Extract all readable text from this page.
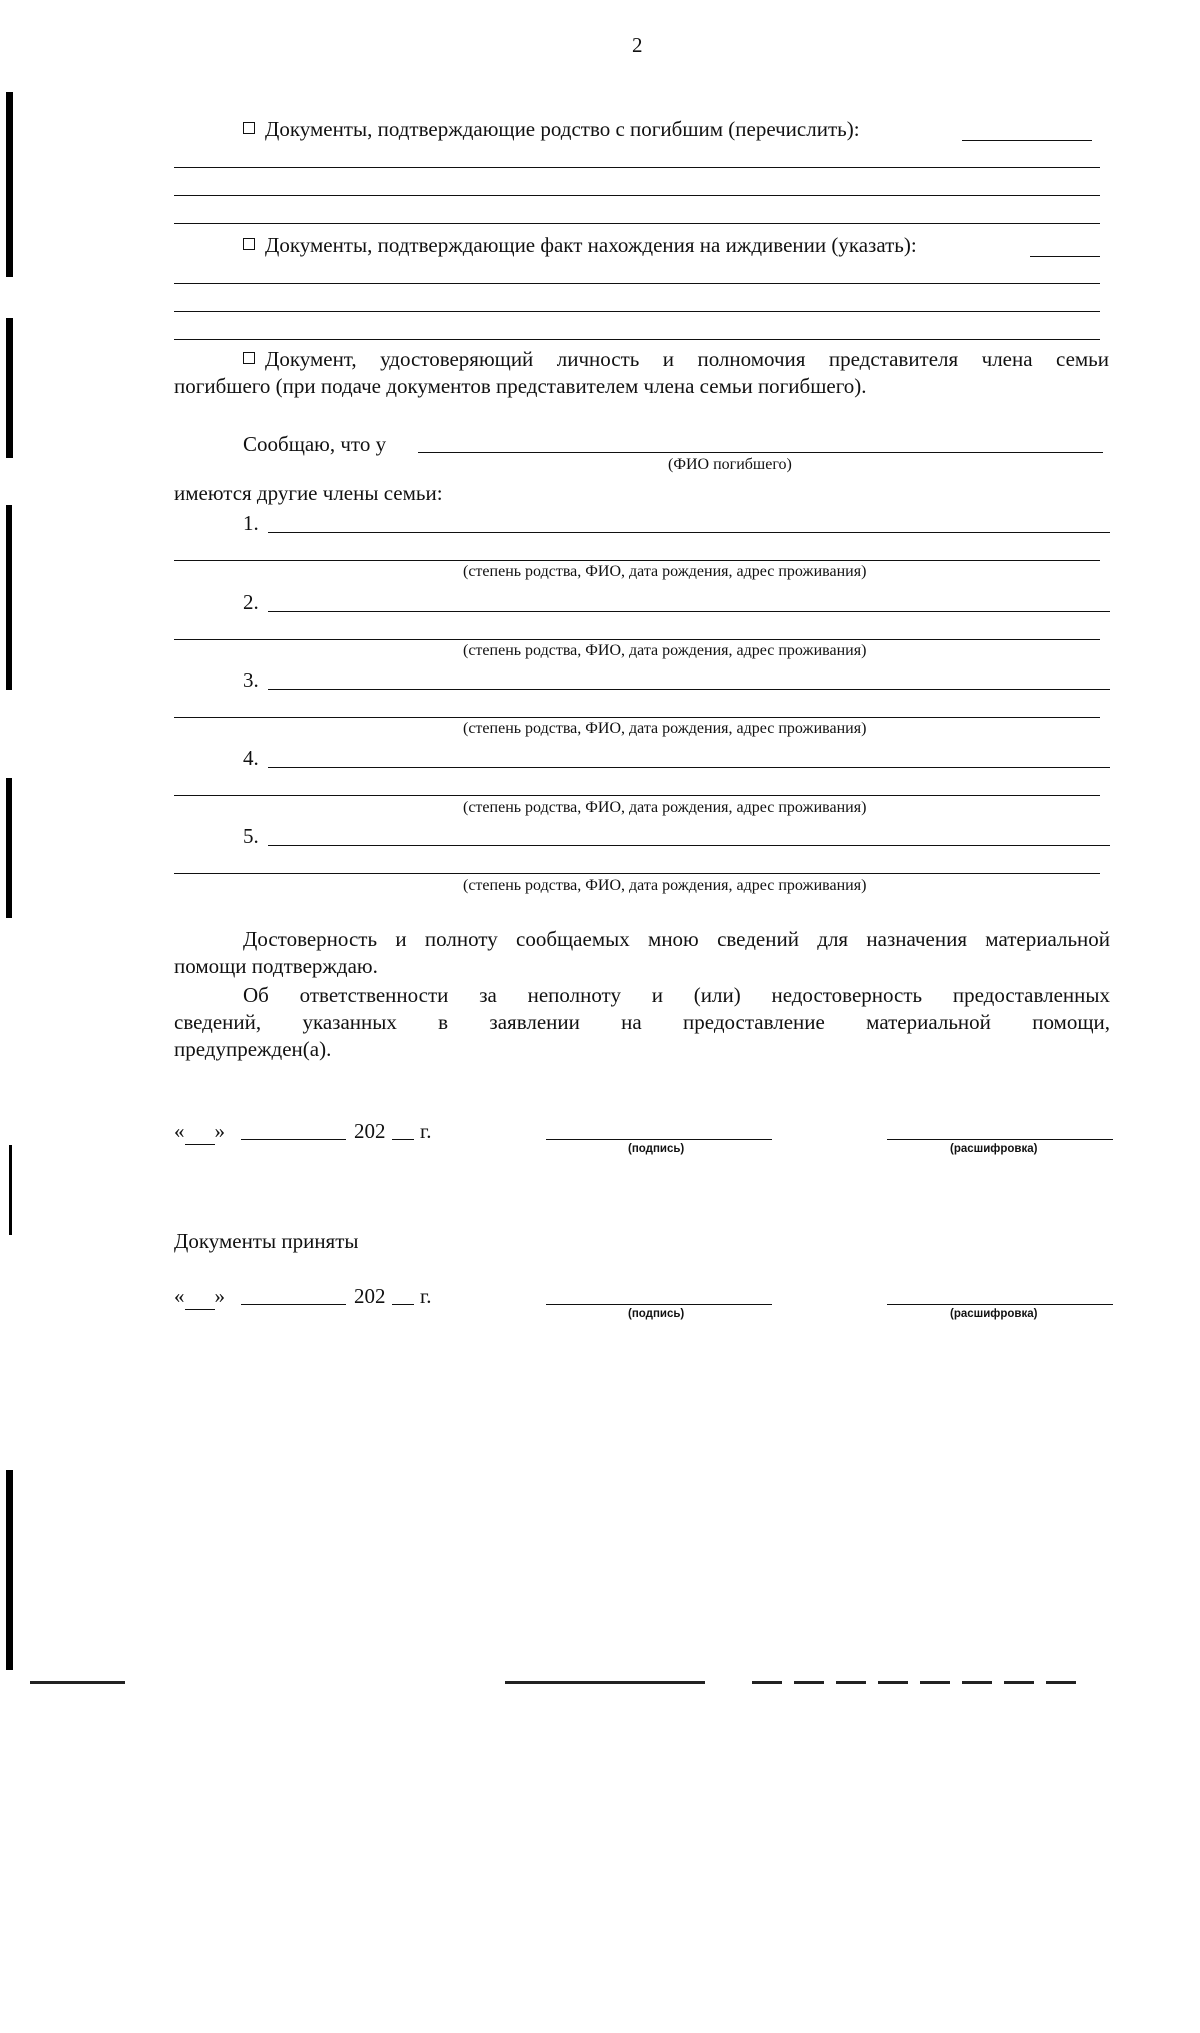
2
Документы, подтверждающие родство с погибшим (перечислить):
Документы, подтверждающие факт нахождения на иждивении (указать):
Документ, удостоверяющий личность и полномочия представителя члена семьи
погибшего (при подаче документов представителем члена семьи погибшего).
Сообщаю, что у
(ФИО погибшего)
имеются другие члены семьи:
1.
(степень родства, ФИО, дата рождения, адрес проживания)
2.
(степень родства, ФИО, дата рождения, адрес проживания)
3.
(степень родства, ФИО, дата рождения, адрес проживания)
4.
(степень родства, ФИО, дата рождения, адрес проживания)
5.
(степень родства, ФИО, дата рождения, адрес проживания)
Достоверность и полноту сообщаемых мною сведений для назначения материальной
помощи подтверждаю.
Об ответственности за неполноту и (или) недостоверность предоставленных
сведений, указанных в заявлении на предоставление материальной помощи,
предупрежден(а).
« »	202 г.
(подпись)	(расшифровка)
Документы приняты
« »	202 г.
(подпись)	(расшифровка)
